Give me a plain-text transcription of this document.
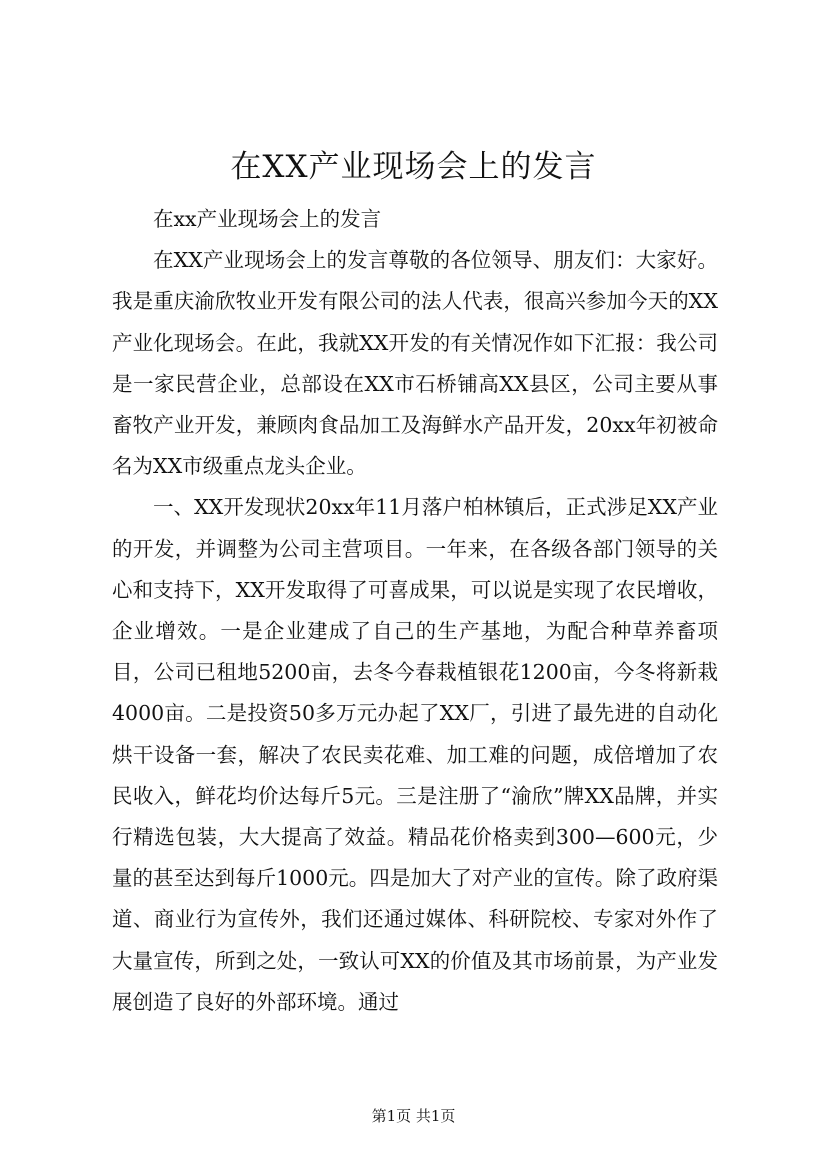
在XX产业现场会上的发言

在xx产业现场会上的发言

在XX产业现场会上的发言尊敬的各位领导、朋友们：大家好。我是重庆渝欣牧业开发有限公司的法人代表，很高兴参加今天的XX产业化现场会。在此，我就XX开发的有关情况作如下汇报：我公司是一家民营企业，总部设在XX市石桥铺高XX县区，公司主要从事畜牧产业开发，兼顾肉食品加工及海鲜水产品开发，20xx年初被命名为XX市级重点龙头企业。

一、XX开发现状20xx年11月落户柏林镇后，正式涉足XX产业的开发，并调整为公司主营项目。一年来，在各级各部门领导的关心和支持下，XX开发取得了可喜成果，可以说是实现了农民增收，企业增效。一是企业建成了自己的生产基地，为配合种草养畜项目，公司已租地5200亩，去冬今春栽植银花1200亩，今冬将新栽4000亩。二是投资50多万元办起了XX厂，引进了最先进的自动化烘干设备一套，解决了农民卖花难、加工难的问题，成倍增加了农民收入，鲜花均价达每斤5元。三是注册了“渝欣”牌XX品牌，并实行精选包装，大大提高了效益。精品花价格卖到300—600元，少量的甚至达到每斤1000元。四是加大了对产业的宣传。除了政府渠道、商业行为宣传外，我们还通过媒体、科研院校、专家对外作了大量宣传，所到之处，一致认可XX的价值及其市场前景，为产业发展创造了良好的外部环境。通过

第1页 共1页
